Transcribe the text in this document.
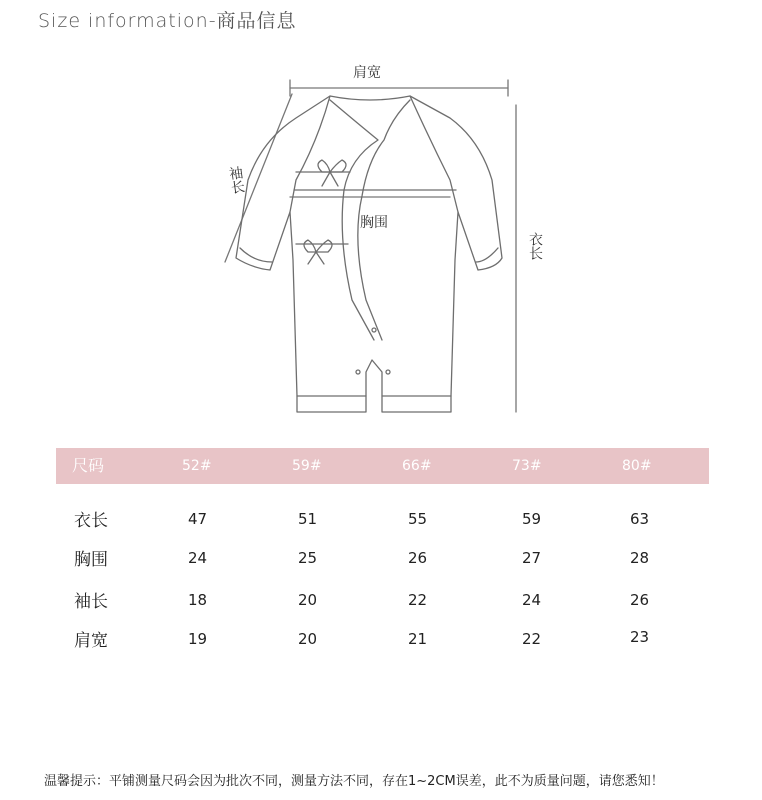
Size information-商品信息
肩宽
袖长
胸围
衣长
尺码	52#	59#	66#	73#	80#
衣长	47	51	55	59	63
胸围	24	25	26	27	28
袖长	18	20	22	24	26
肩宽	19	20	21	22	23
温馨提示：平铺测量尺码会因为批次不同，测量方法不同，存在1~2CM误差，此不为质量问题，请您悉知！
